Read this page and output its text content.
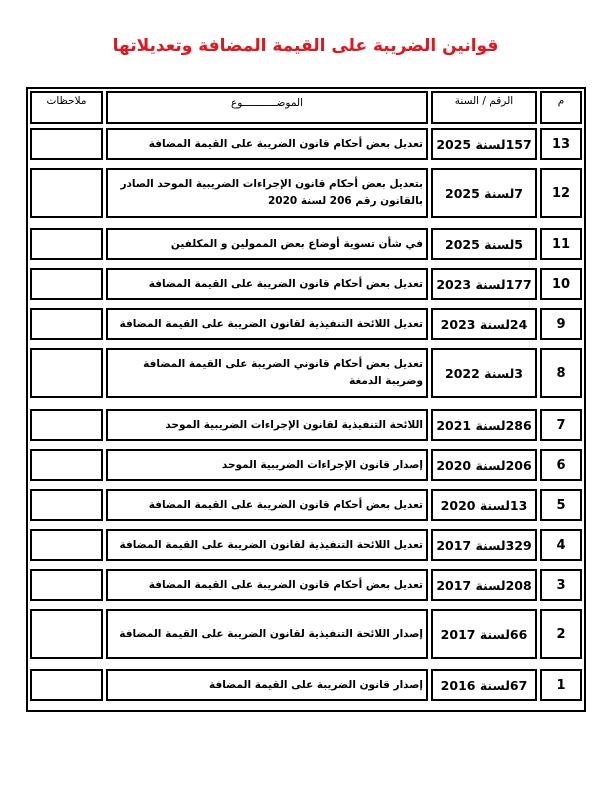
قوانين الضريبة على القيمة المضافة وتعديلاتها
م
الرقم / السنة
الموضـــــــــــوع
ملاحظات
13
157لسنة 2025
تعديل بعض أحكام قانون الضريبة على القيمة المضافة
12
7لسنة 2025
بتعديل بعض أحكام قانون الإجراءات الضريبية الموحد الصادر بالقانون رقم 206 لسنة 2020
11
5لسنة 2025
في شأن تسوية أوضاع بعض الممولين و المكلفين
10
177لسنة 2023
تعديل بعض أحكام قانون الضريبة على القيمة المضافة
9
24لسنة 2023
تعديل اللائحة التنفيذية لقانون الضريبة على القيمة المضافة
8
3لسنة 2022
تعديل بعض أحكام قانوني الضريبة على القيمة المضافة وضريبة الدمغة
7
286لسنة 2021
اللائحة التنفيذية لقانون الإجراءات الضريبية الموحد
6
206لسنة 2020
إصدار قانون الإجراءات الضريبية الموحد
5
13لسنة 2020
تعديل بعض أحكام قانون الضريبة على القيمة المضافة
4
329لسنة 2017
تعديل اللائحة التنفيذية لقانون الضريبة على القيمة المضافة
3
208لسنة 2017
تعديل بعض أحكام قانون الضريبة على القيمة المضافة
2
66لسنة 2017
إصدار اللائحة التنفيذية لقانون الضريبة على القيمة المضافة
1
67لسنة 2016
إصدار قانون الضريبة على القيمة المضافة
